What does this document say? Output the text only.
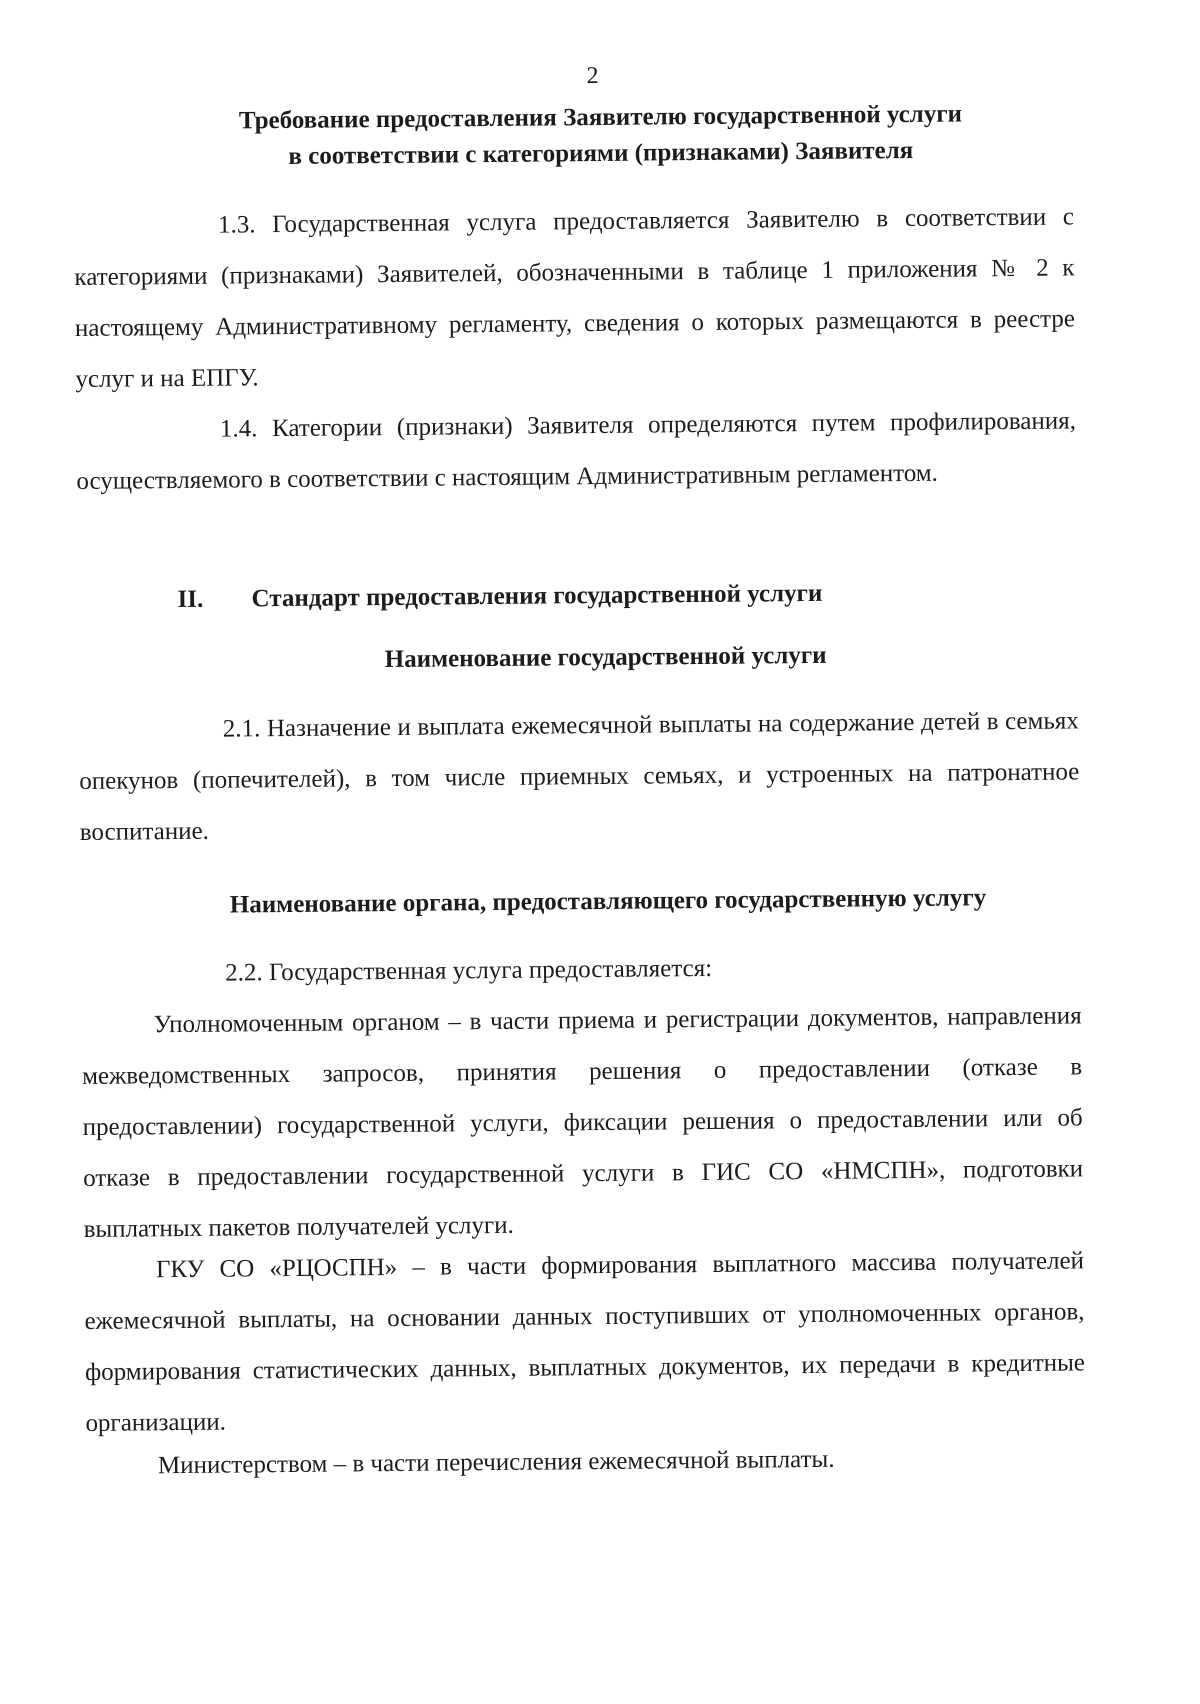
2
Требование предоставления Заявителю государственной услуги
в соответствии с категориями (признаками) Заявителя

1.3. Государственная услуга предоставляется Заявителю в соответствии с категориями (признаками) Заявителей, обозначенными в таблице 1 приложения № 2 к настоящему Административному регламенту, сведения о которых размещаются в реестре услуг и на ЕПГУ.

1.4. Категории (признаки) Заявителя определяются путем профилирования, осуществляемого в соответствии с настоящим Административным регламентом.

II. Стандарт предоставления государственной услуги
Наименование государственной услуги

2.1. Назначение и выплата ежемесячной выплаты на содержание детей в семьях опекунов (попечителей), в том числе приемных семьях, и устроенных на патронатное воспитание.

Наименование органа, предоставляющего государственную услугу

2.2. Государственная услуга предоставляется:

Уполномоченным органом – в части приема и регистрации документов, направления межведомственных запросов, принятия решения о предоставлении (отказе в предоставлении) государственной услуги, фиксации решения о предоставлении или об отказе в предоставлении государственной услуги в ГИС СО «НМСПН», подготовки выплатных пакетов получателей услуги.

ГКУ СО «РЦОСПН» – в части формирования выплатного массива получателей ежемесячной выплаты, на основании данных поступивших от уполномоченных органов, формирования статистических данных, выплатных документов, их передачи в кредитные организации.

Министерством – в части перечисления ежемесячной выплаты.
